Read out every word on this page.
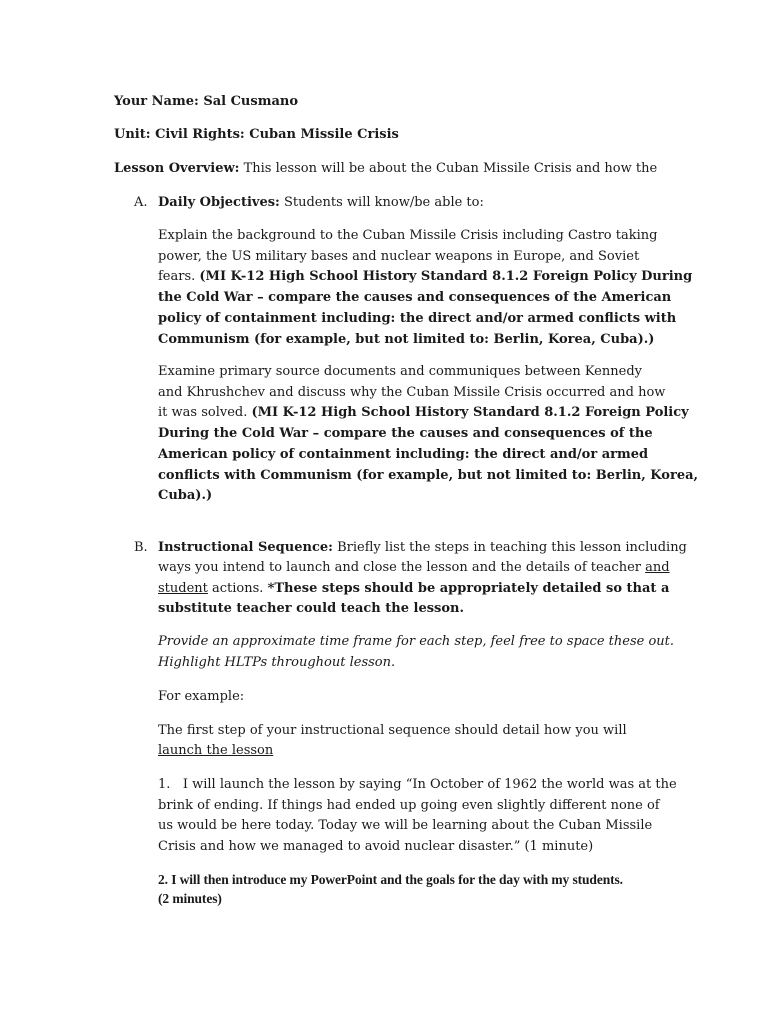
Your Name: Sal Cusmano
Unit: Civil Rights: Cuban Missile Crisis
Lesson Overview: This lesson will be about the Cuban Missile Crisis and how the
A. Daily Objectives: Students will know/be able to:
Explain the background to the Cuban Missile Crisis including Castro taking
power, the US military bases and nuclear weapons in Europe, and Soviet
fears. (MI K-12 High School History Standard 8.1.2 Foreign Policy During
the Cold War – compare the causes and consequences of the American
policy of containment including: the direct and/or armed conflicts with
Communism (for example, but not limited to: Berlin, Korea, Cuba).)
Examine primary source documents and communiques between Kennedy
and Khrushchev and discuss why the Cuban Missile Crisis occurred and how
it was solved. (MI K-12 High School History Standard 8.1.2 Foreign Policy
During the Cold War – compare the causes and consequences of the
American policy of containment including: the direct and/or armed
conflicts with Communism (for example, but not limited to: Berlin, Korea,
Cuba).)
B. Instructional Sequence: Briefly list the steps in teaching this lesson including
ways you intend to launch and close the lesson and the details of teacher and
student actions. *These steps should be appropriately detailed so that a
substitute teacher could teach the lesson.
Provide an approximate time frame for each step, feel free to space these out.
Highlight HLTPs throughout lesson.
For example:
The first step of your instructional sequence should detail how you will
launch the lesson
1. I will launch the lesson by saying “In October of 1962 the world was at the
brink of ending. If things had ended up going even slightly different none of
us would be here today. Today we will be learning about the Cuban Missile
Crisis and how we managed to avoid nuclear disaster.” (1 minute)
2. I will then introduce my PowerPoint and the goals for the day with my students.
(2 minutes)
